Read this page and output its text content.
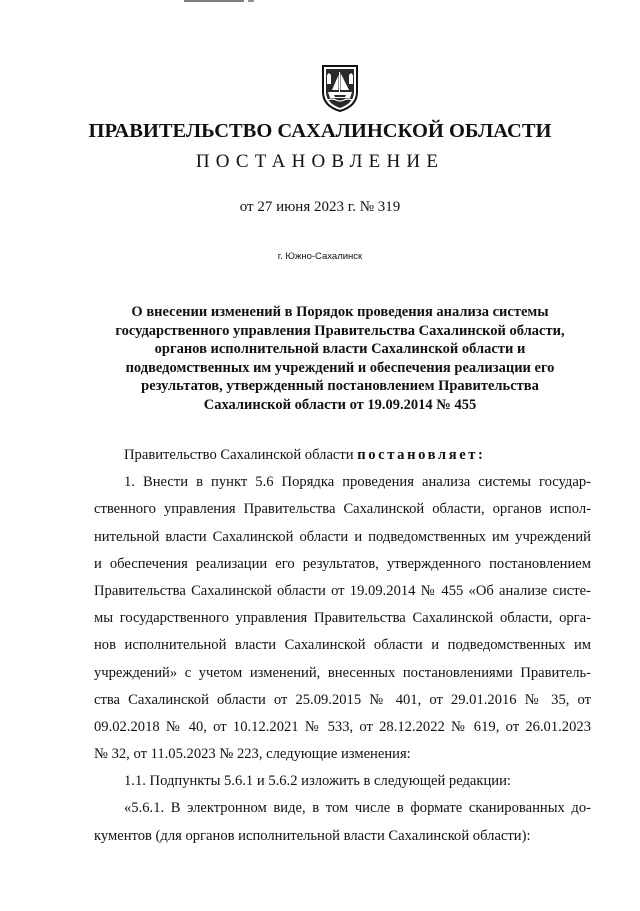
ПРАВИТЕЛЬСТВО САХАЛИНСКОЙ ОБЛАСТИ
ПОСТАНОВЛЕНИЕ
от 27 июня 2023 г. № 319
г. Южно-Сахалинск
О внесении изменений в Порядок проведения анализа системы
государственного управления Правительства Сахалинской области,
органов исполнительной власти Сахалинской области и
подведомственных им учреждений и обеспечения реализации его
результатов, утвержденный постановлением Правительства
Сахалинской области от 19.09.2014 № 455
Правительство Сахалинской области постановляет:
1. Внести в пункт 5.6 Порядка проведения анализа системы государ-
ственного управления Правительства Сахалинской области, органов испол-
нительной власти Сахалинской области и подведомственных им учреждений
и обеспечения реализации его результатов, утвержденного постановлением
Правительства Сахалинской области от 19.09.2014 № 455 «Об анализе систе-
мы государственного управления Правительства Сахалинской области, орга-
нов исполнительной власти Сахалинской области и подведомственных им
учреждений» с учетом изменений, внесенных постановлениями Правитель-
ства Сахалинской области от 25.09.2015 № 401, от 29.01.2016 № 35, от
09.02.2018 № 40, от 10.12.2021 № 533, от 28.12.2022 № 619, от 26.01.2023
№ 32, от 11.05.2023 № 223, следующие изменения:
1.1. Подпункты 5.6.1 и 5.6.2 изложить в следующей редакции:
«5.6.1. В электронном виде, в том числе в формате сканированных до-
кументов (для органов исполнительной власти Сахалинской области):
